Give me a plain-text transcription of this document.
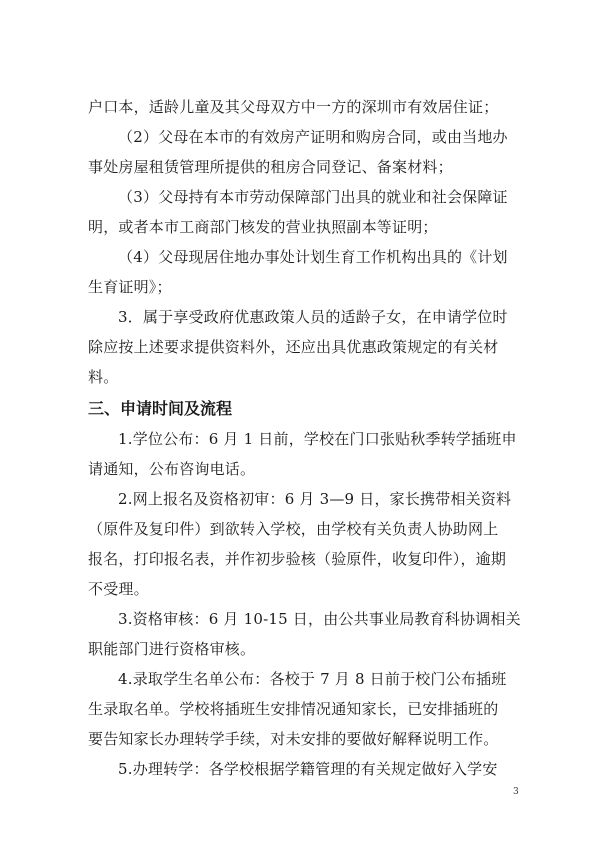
户口本，适龄儿童及其父母双方中一方的深圳市有效居住证；

（2）父母在本市的有效房产证明和购房合同，或由当地办
事处房屋租赁管理所提供的租房合同登记、备案材料；

（3）父母持有本市劳动保障部门出具的就业和社会保障证
明，或者本市工商部门核发的营业执照副本等证明；

（4）父母现居住地办事处计划生育工作机构出具的《计划
生育证明》；

3．属于享受政府优惠政策人员的适龄子女，在申请学位时
除应按上述要求提供资料外，还应出具优惠政策规定的有关材
料。

三、申请时间及流程

1.学位公布：6 月 1 日前，学校在门口张贴秋季转学插班申
请通知，公布咨询电话。

2.网上报名及资格初审：6 月 3—9 日，家长携带相关资料
（原件及复印件）到欲转入学校，由学校有关负责人协助网上
报名，打印报名表，并作初步验核（验原件，收复印件），逾期
不受理。

3.资格审核：6 月 10-15 日，由公共事业局教育科协调相关
职能部门进行资格审核。

4.录取学生名单公布：各校于 7 月 8 日前于校门公布插班
生录取名单。学校将插班生安排情况通知家长，已安排插班的
要告知家长办理转学手续，对未安排的要做好解释说明工作。

5.办理转学：各学校根据学籍管理的有关规定做好入学安

3
